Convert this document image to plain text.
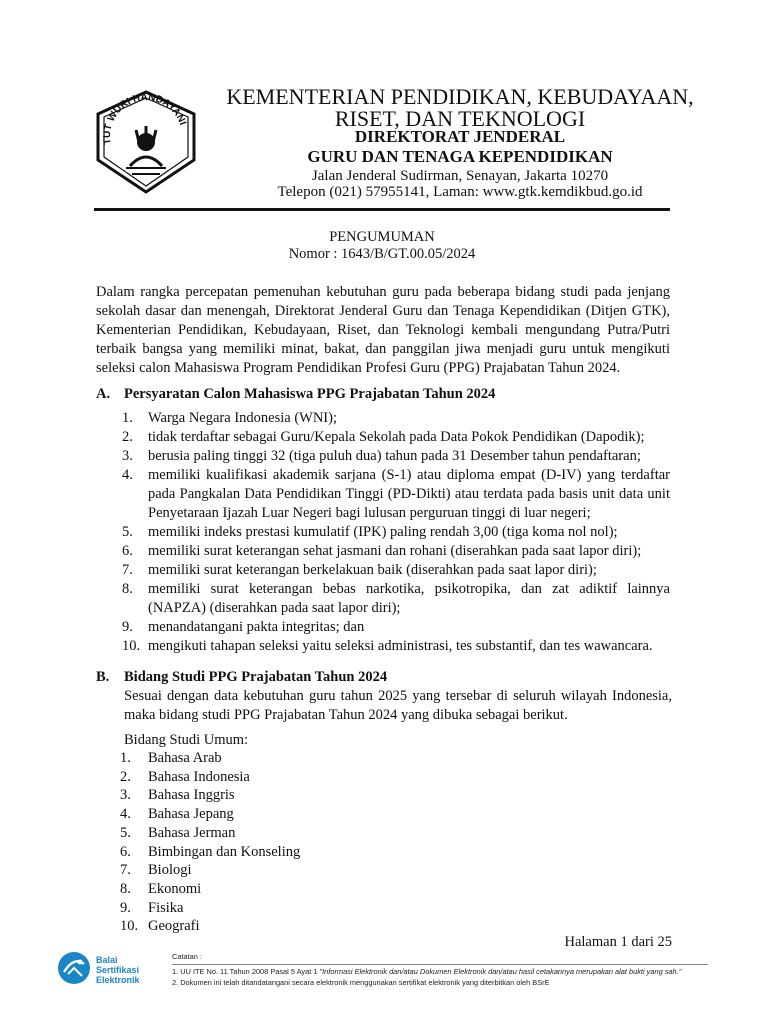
TUT WURI HANDAYANI
KEMENTERIAN PENDIDIKAN, KEBUDAYAAN,
RISET, DAN TEKNOLOGI
DIREKTORAT JENDERAL
GURU DAN TENAGA KEPENDIDIKAN
Jalan Jenderal Sudirman, Senayan, Jakarta 10270
Telepon (021) 57955141, Laman: www.gtk.kemdikbud.go.id
PENGUMUMAN
Nomor : 1643/B/GT.00.05/2024
Dalam rangka percepatan pemenuhan kebutuhan guru pada beberapa bidang studi pada jenjang sekolah dasar dan menengah, Direktorat Jenderal Guru dan Tenaga Kependidikan (Ditjen GTK), Kementerian Pendidikan, Kebudayaan, Riset, dan Teknologi kembali mengundang Putra/Putri terbaik bangsa yang memiliki minat, bakat, dan panggilan jiwa menjadi guru untuk mengikuti seleksi calon Mahasiswa Program Pendidikan Profesi Guru (PPG) Prajabatan Tahun 2024.
A. Persyaratan Calon Mahasiswa PPG Prajabatan Tahun 2024
1. Warga Negara Indonesia (WNI);
2. tidak terdaftar sebagai Guru/Kepala Sekolah pada Data Pokok Pendidikan (Dapodik);
3. berusia paling tinggi 32 (tiga puluh dua) tahun pada 31 Desember tahun pendaftaran;
4. memiliki kualifikasi akademik sarjana (S-1) atau diploma empat (D-IV) yang terdaftar pada Pangkalan Data Pendidikan Tinggi (PD-Dikti) atau terdata pada basis unit data unit Penyetaraan Ijazah Luar Negeri bagi lulusan perguruan tinggi di luar negeri;
5. memiliki indeks prestasi kumulatif (IPK) paling rendah 3,00 (tiga koma nol nol);
6. memiliki surat keterangan sehat jasmani dan rohani (diserahkan pada saat lapor diri);
7. memiliki surat keterangan berkelakuan baik (diserahkan pada saat lapor diri);
8. memiliki surat keterangan bebas narkotika, psikotropika, dan zat adiktif lainnya (NAPZA) (diserahkan pada saat lapor diri);
9. menandatangani pakta integritas; dan
10. mengikuti tahapan seleksi yaitu seleksi administrasi, tes substantif, dan tes wawancara.
B. Bidang Studi PPG Prajabatan Tahun 2024
Sesuai dengan data kebutuhan guru tahun 2025 yang tersebar di seluruh wilayah Indonesia, maka bidang studi PPG Prajabatan Tahun 2024 yang dibuka sebagai berikut.
Bidang Studi Umum:
1.	Bahasa Arab
2.	Bahasa Indonesia
3.	Bahasa Inggris
4.	Bahasa Jepang
5.	Bahasa Jerman
6.	Bimbingan dan Konseling
7.	Biologi
8.	Ekonomi
9.	Fisika
10. Geografi
Halaman 1 dari 25
Balai
Sertifikasi
Elektronik
Catatan :
1. UU ITE No. 11 Tahun 2008 Pasal 5 Ayat 1 "Informasi Elektronik dan/atau Dokumen Elektronik dan/atau hasil cetakannya merupakan alat bukti yang sah."
2. Dokumen ini telah ditandatangani secara elektronik menggunakan sertifikat elektronik yang diterbitkan oleh BSrE
